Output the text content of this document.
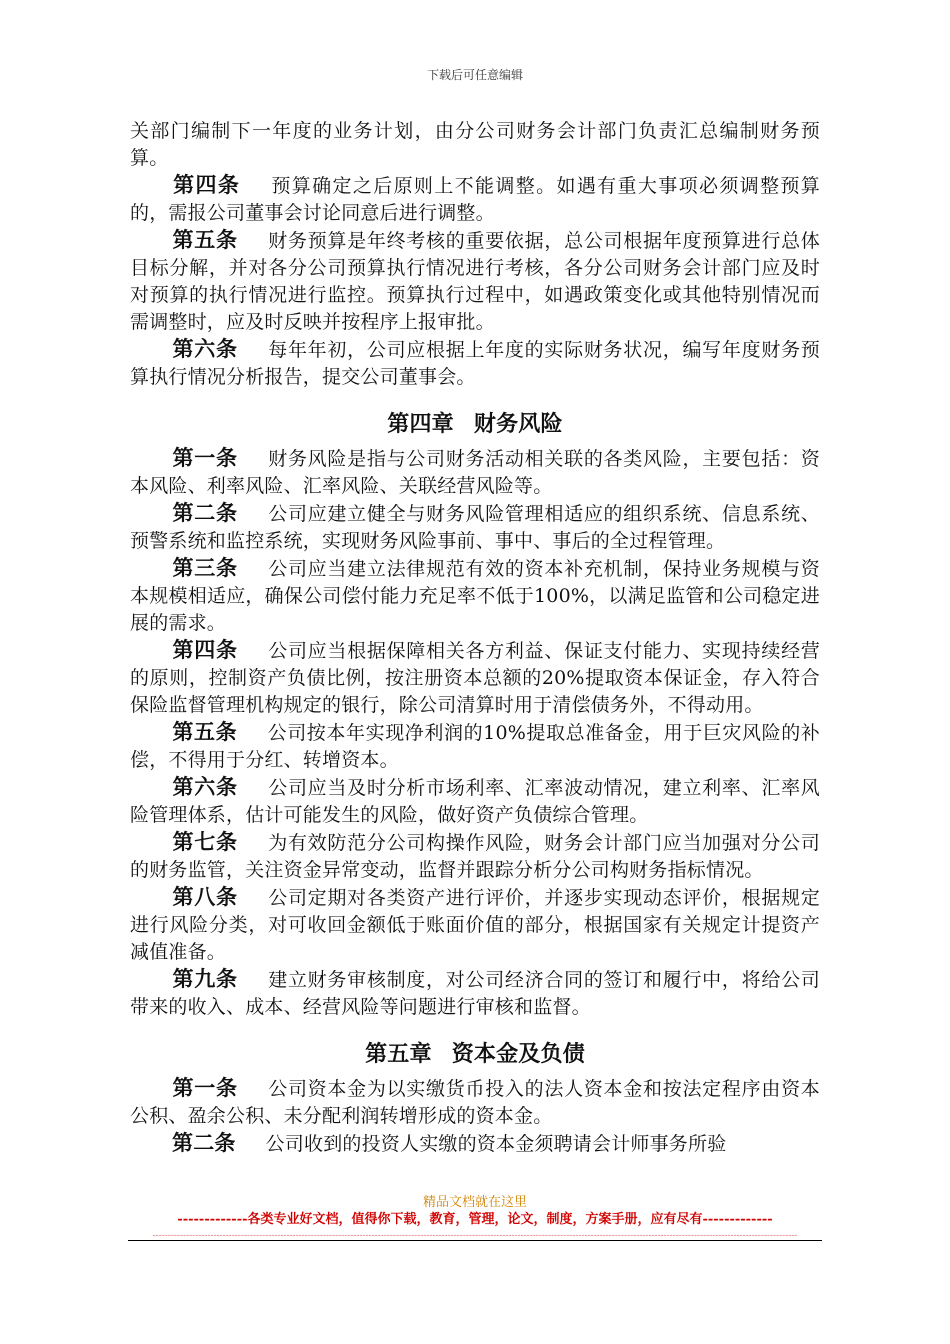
下载后可任意编辑

关部门编制下一年度的业务计划，由分公司财务会计部门负责汇总编制财务预算。

第四条 预算确定之后原则上不能调整。如遇有重大事项必须调整预算的，需报公司董事会讨论同意后进行调整。

第五条 财务预算是年终考核的重要依据，总公司根据年度预算进行总体目标分解，并对各分公司预算执行情况进行考核，各分公司财务会计部门应及时对预算的执行情况进行监控。预算执行过程中，如遇政策变化或其他特别情况而需调整时，应及时反映并按程序上报审批。

第六条 每年年初，公司应根据上年度的实际财务状况，编写年度财务预算执行情况分析报告，提交公司董事会。

第四章 财务风险

第一条 财务风险是指与公司财务活动相关联的各类风险，主要包括：资本风险、利率风险、汇率风险、关联经营风险等。

第二条 公司应建立健全与财务风险管理相适应的组织系统、信息系统、预警系统和监控系统，实现财务风险事前、事中、事后的全过程管理。

第三条 公司应当建立法律规范有效的资本补充机制，保持业务规模与资本规模相适应，确保公司偿付能力充足率不低于100%，以满足监管和公司稳定进展的需求。

第四条 公司应当根据保障相关各方利益、保证支付能力、实现持续经营的原则，控制资产负债比例，按注册资本总额的20%提取资本保证金，存入符合保险监督管理机构规定的银行，除公司清算时用于清偿债务外，不得动用。

第五条 公司按本年实现净利润的10%提取总准备金，用于巨灾风险的补偿，不得用于分红、转增资本。

第六条 公司应当及时分析市场利率、汇率波动情况，建立利率、汇率风险管理体系，估计可能发生的风险，做好资产负债综合管理。

第七条 为有效防范分公司构操作风险，财务会计部门应当加强对分公司的财务监管，关注资金异常变动，监督并跟踪分析分公司构财务指标情况。

第八条 公司定期对各类资产进行评价，并逐步实现动态评价，根据规定进行风险分类，对可收回金额低于账面价值的部分，根据国家有关规定计提资产减值准备。

第九条 建立财务审核制度，对公司经济合同的签订和履行中，将给公司带来的收入、成本、经营风险等问题进行审核和监督。

第五章 资本金及负债

第一条 公司资本金为以实缴货币投入的法人资本金和按法定程序由资本公积、盈余公积、未分配利润转增形成的资本金。

第二条 公司收到的投资人实缴的资本金须聘请会计师事务所验

精品文档就在这里
-------------各类专业好文档，值得你下载，教育，管理，论文，制度，方案手册，应有尽有-------------
--------------------------------------------------------------------------------------------------------------------------------------------------------------------------------------------------------------------
